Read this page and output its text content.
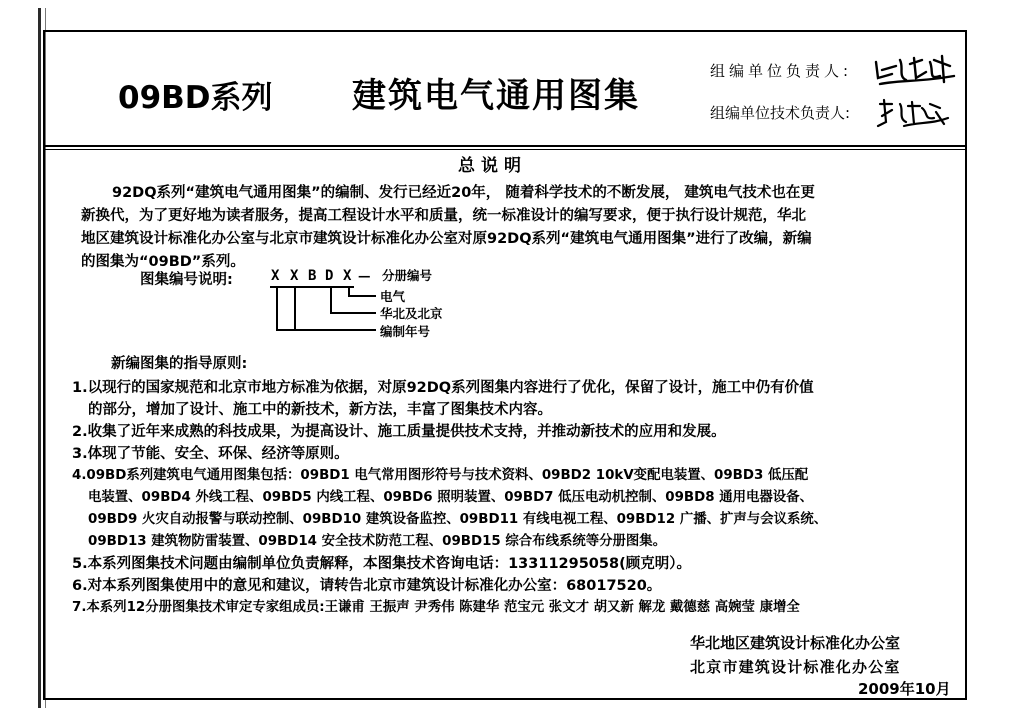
09BD系列 建筑电气通用图集
组编单位负责人:
组编单位技术负责人:
总说明
92DQ系列“建筑电气通用图集”的编制、发行已经近20年， 随着科学技术的不断发展， 建筑电气技术也在更
新换代，为了更好地为读者服务，提高工程设计水平和质量，统一标准设计的编写要求，便于执行设计规范，华北
地区建筑设计标准化办公室与北京市建筑设计标准化办公室对原92DQ系列“建筑电气通用图集”进行了改编，新编
的图集为“09BD”系列。
图集编号说明:	X X B D X — 分册编号
电气
华北及北京
编制年号
新编图集的指导原则:
1.以现行的国家规范和北京市地方标准为依据，对原92DQ系列图集内容进行了优化，保留了设计，施工中仍有价值
的部分，增加了设计、施工中的新技术，新方法，丰富了图集技术内容。
2.收集了近年来成熟的科技成果，为提高设计、施工质量提供技术支持，并推动新技术的应用和发展。
3.体现了节能、安全、环保、经济等原则。
4.09BD系列建筑电气通用图集包括：09BD1 电气常用图形符号与技术资料、09BD2 10kV变配电装置、09BD3 低压配
电装置、09BD4 外线工程、09BD5 内线工程、09BD6 照明装置、09BD7 低压电动机控制、09BD8 通用电器设备、
09BD9 火灾自动报警与联动控制、09BD10 建筑设备监控、09BD11 有线电视工程、09BD12 广播、扩声与会议系统、
09BD13 建筑物防雷装置、09BD14 安全技术防范工程、09BD15 综合布线系统等分册图集。
5.本系列图集技术问题由编制单位负责解释，本图集技术咨询电话：13311295058(顾克明）。
6.对本系列图集使用中的意见和建议，请转告北京市建筑设计标准化办公室：68017520。
7.本系列12分册图集技术审定专家组成员:王谦甫 王振声 尹秀伟 陈建华 范宝元 张文才 胡又新 解龙 戴德慈 高婉莹 康增全
华北地区建筑设计标准化办公室
北京市建筑设计标准化办公室
2009年10月
